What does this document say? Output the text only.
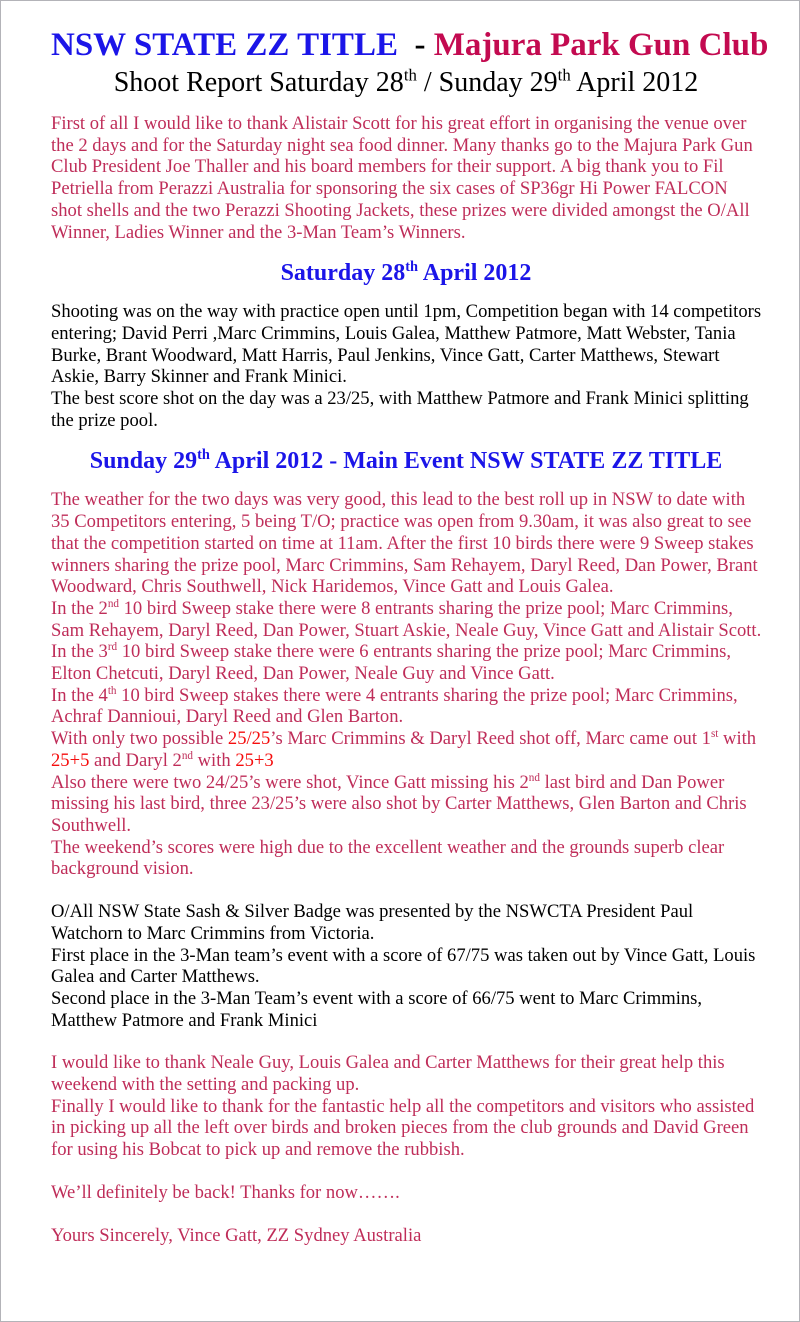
NSW STATE ZZ TITLE  - Majura Park Gun Club
Shoot Report Saturday 28th / Sunday 29th April 2012
First of all I would like to thank Alistair Scott for his great effort in organising the venue over
the 2 days and for the Saturday night sea food dinner. Many thanks go to the Majura Park Gun
Club President Joe Thaller and his board members for their support. A big thank you to Fil
Petriella from Perazzi Australia for sponsoring the six cases of SP36gr Hi Power FALCON
shot shells and the two Perazzi Shooting Jackets, these prizes were divided amongst the O/All
Winner, Ladies Winner and the 3-Man Team’s Winners.
Saturday 28th April 2012
Shooting was on the way with practice open until 1pm, Competition began with 14 competitors
entering; David Perri ,Marc Crimmins, Louis Galea, Matthew Patmore, Matt Webster, Tania
Burke, Brant Woodward, Matt Harris, Paul Jenkins, Vince Gatt, Carter Matthews, Stewart
Askie, Barry Skinner and Frank Minici.
The best score shot on the day was a 23/25, with Matthew Patmore and Frank Minici splitting
the prize pool.
Sunday 29th April 2012 - Main Event NSW STATE ZZ TITLE
The weather for the two days was very good, this lead to the best roll up in NSW to date with
35 Competitors entering, 5 being T/O; practice was open from 9.30am, it was also great to see
that the competition started on time at 11am. After the first 10 birds there were 9 Sweep stakes
winners sharing the prize pool, Marc Crimmins, Sam Rehayem, Daryl Reed, Dan Power, Brant
Woodward, Chris Southwell, Nick Haridemos, Vince Gatt and Louis Galea.
In the 2nd 10 bird Sweep stake there were 8 entrants sharing the prize pool; Marc Crimmins,
Sam Rehayem, Daryl Reed, Dan Power, Stuart Askie, Neale Guy, Vince Gatt and Alistair Scott.
In the 3rd 10 bird Sweep stake there were 6 entrants sharing the prize pool; Marc Crimmins,
Elton Chetcuti, Daryl Reed, Dan Power, Neale Guy and Vince Gatt.
In the 4th 10 bird Sweep stakes there were 4 entrants sharing the prize pool; Marc Crimmins,
Achraf Dannioui, Daryl Reed and Glen Barton.
With only two possible 25/25’s Marc Crimmins & Daryl Reed shot off, Marc came out 1st with
25+5 and Daryl 2nd with 25+3
Also there were two 24/25’s were shot, Vince Gatt missing his 2nd last bird and Dan Power
missing his last bird, three 23/25’s were also shot by Carter Matthews, Glen Barton and Chris
Southwell.
The weekend’s scores were high due to the excellent weather and the grounds superb clear
background vision.
O/All NSW State Sash & Silver Badge was presented by the NSWCTA President Paul
Watchorn to Marc Crimmins from Victoria.
First place in the 3-Man team’s event with a score of 67/75 was taken out by Vince Gatt, Louis
Galea and Carter Matthews.
Second place in the 3-Man Team’s event with a score of 66/75 went to Marc Crimmins,
Matthew Patmore and Frank Minici
I would like to thank Neale Guy, Louis Galea and Carter Matthews for their great help this
weekend with the setting and packing up.
Finally I would like to thank for the fantastic help all the competitors and visitors who assisted
in picking up all the left over birds and broken pieces from the club grounds and David Green
for using his Bobcat to pick up and remove the rubbish.
We’ll definitely be back! Thanks for now…….
Yours Sincerely, Vince Gatt, ZZ Sydney Australia
